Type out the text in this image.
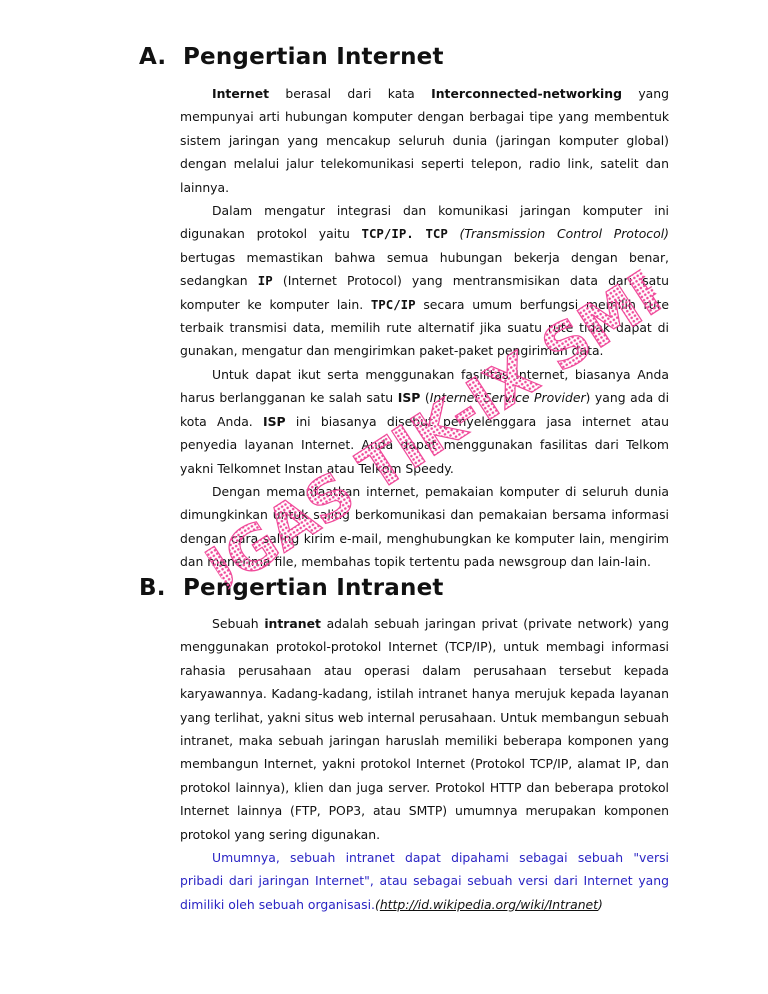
A. Pengertian Internet

Internet berasal dari kata Interconnected-networking yang mempunyai arti hubungan komputer dengan berbagai tipe yang membentuk sistem jaringan yang mencakup seluruh dunia (jaringan komputer global) dengan melalui jalur telekomunikasi seperti telepon, radio link, satelit dan lainnya.

Dalam mengatur integrasi dan komunikasi jaringan komputer ini digunakan protokol yaitu TCP/IP. TCP (Transmission Control Protocol) bertugas memastikan bahwa semua hubungan bekerja dengan benar, sedangkan IP (Internet Protocol) yang mentransmisikan data dari satu komputer ke komputer lain. TPC/IP secara umum berfungsi memilih rute terbaik transmisi data, memilih rute alternatif jika suatu rute tidak dapat di gunakan, mengatur dan mengirimkan paket-paket pengiriman data.

Untuk dapat ikut serta menggunakan fasilitas Internet, biasanya Anda harus berlangganan ke salah satu ISP (Internet Service Provider) yang ada di kota Anda. ISP ini biasanya disebut penyelenggara jasa internet atau penyedia layanan Internet. Anda dapat menggunakan fasilitas dari Telkom yakni Telkomnet Instan atau Telkom Speedy.

Dengan memanfaatkan internet, pemakaian komputer di seluruh dunia dimungkinkan untuk saling berkomunikasi dan pemakaian bersama informasi dengan cara saling kirim e-mail, menghubungkan ke komputer lain, mengirim dan menerima file, membahas topik tertentu pada newsgroup dan lain-lain.

B. Pengertian Intranet

Sebuah intranet adalah sebuah jaringan privat (private network) yang menggunakan protokol-protokol Internet (TCP/IP), untuk membagi informasi rahasia perusahaan atau operasi dalam perusahaan tersebut kepada karyawannya. Kadang-kadang, istilah intranet hanya merujuk kepada layanan yang terlihat, yakni situs web internal perusahaan. Untuk membangun sebuah intranet, maka sebuah jaringan haruslah memiliki beberapa komponen yang membangun Internet, yakni protokol Internet (Protokol TCP/IP, alamat IP, dan protokol lainnya), klien dan juga server. Protokol HTTP dan beberapa protokol Internet lainnya (FTP, POP3, atau SMTP) umumnya merupakan komponen protokol yang sering digunakan.

Umumnya, sebuah intranet dapat dipahami sebagai sebuah "versi pribadi dari jaringan Internet", atau sebagai sebuah versi dari Internet yang dimiliki oleh sebuah organisasi.(http://id.wikipedia.org/wiki/Intranet)

TUGAS TIK-IX SMPN
